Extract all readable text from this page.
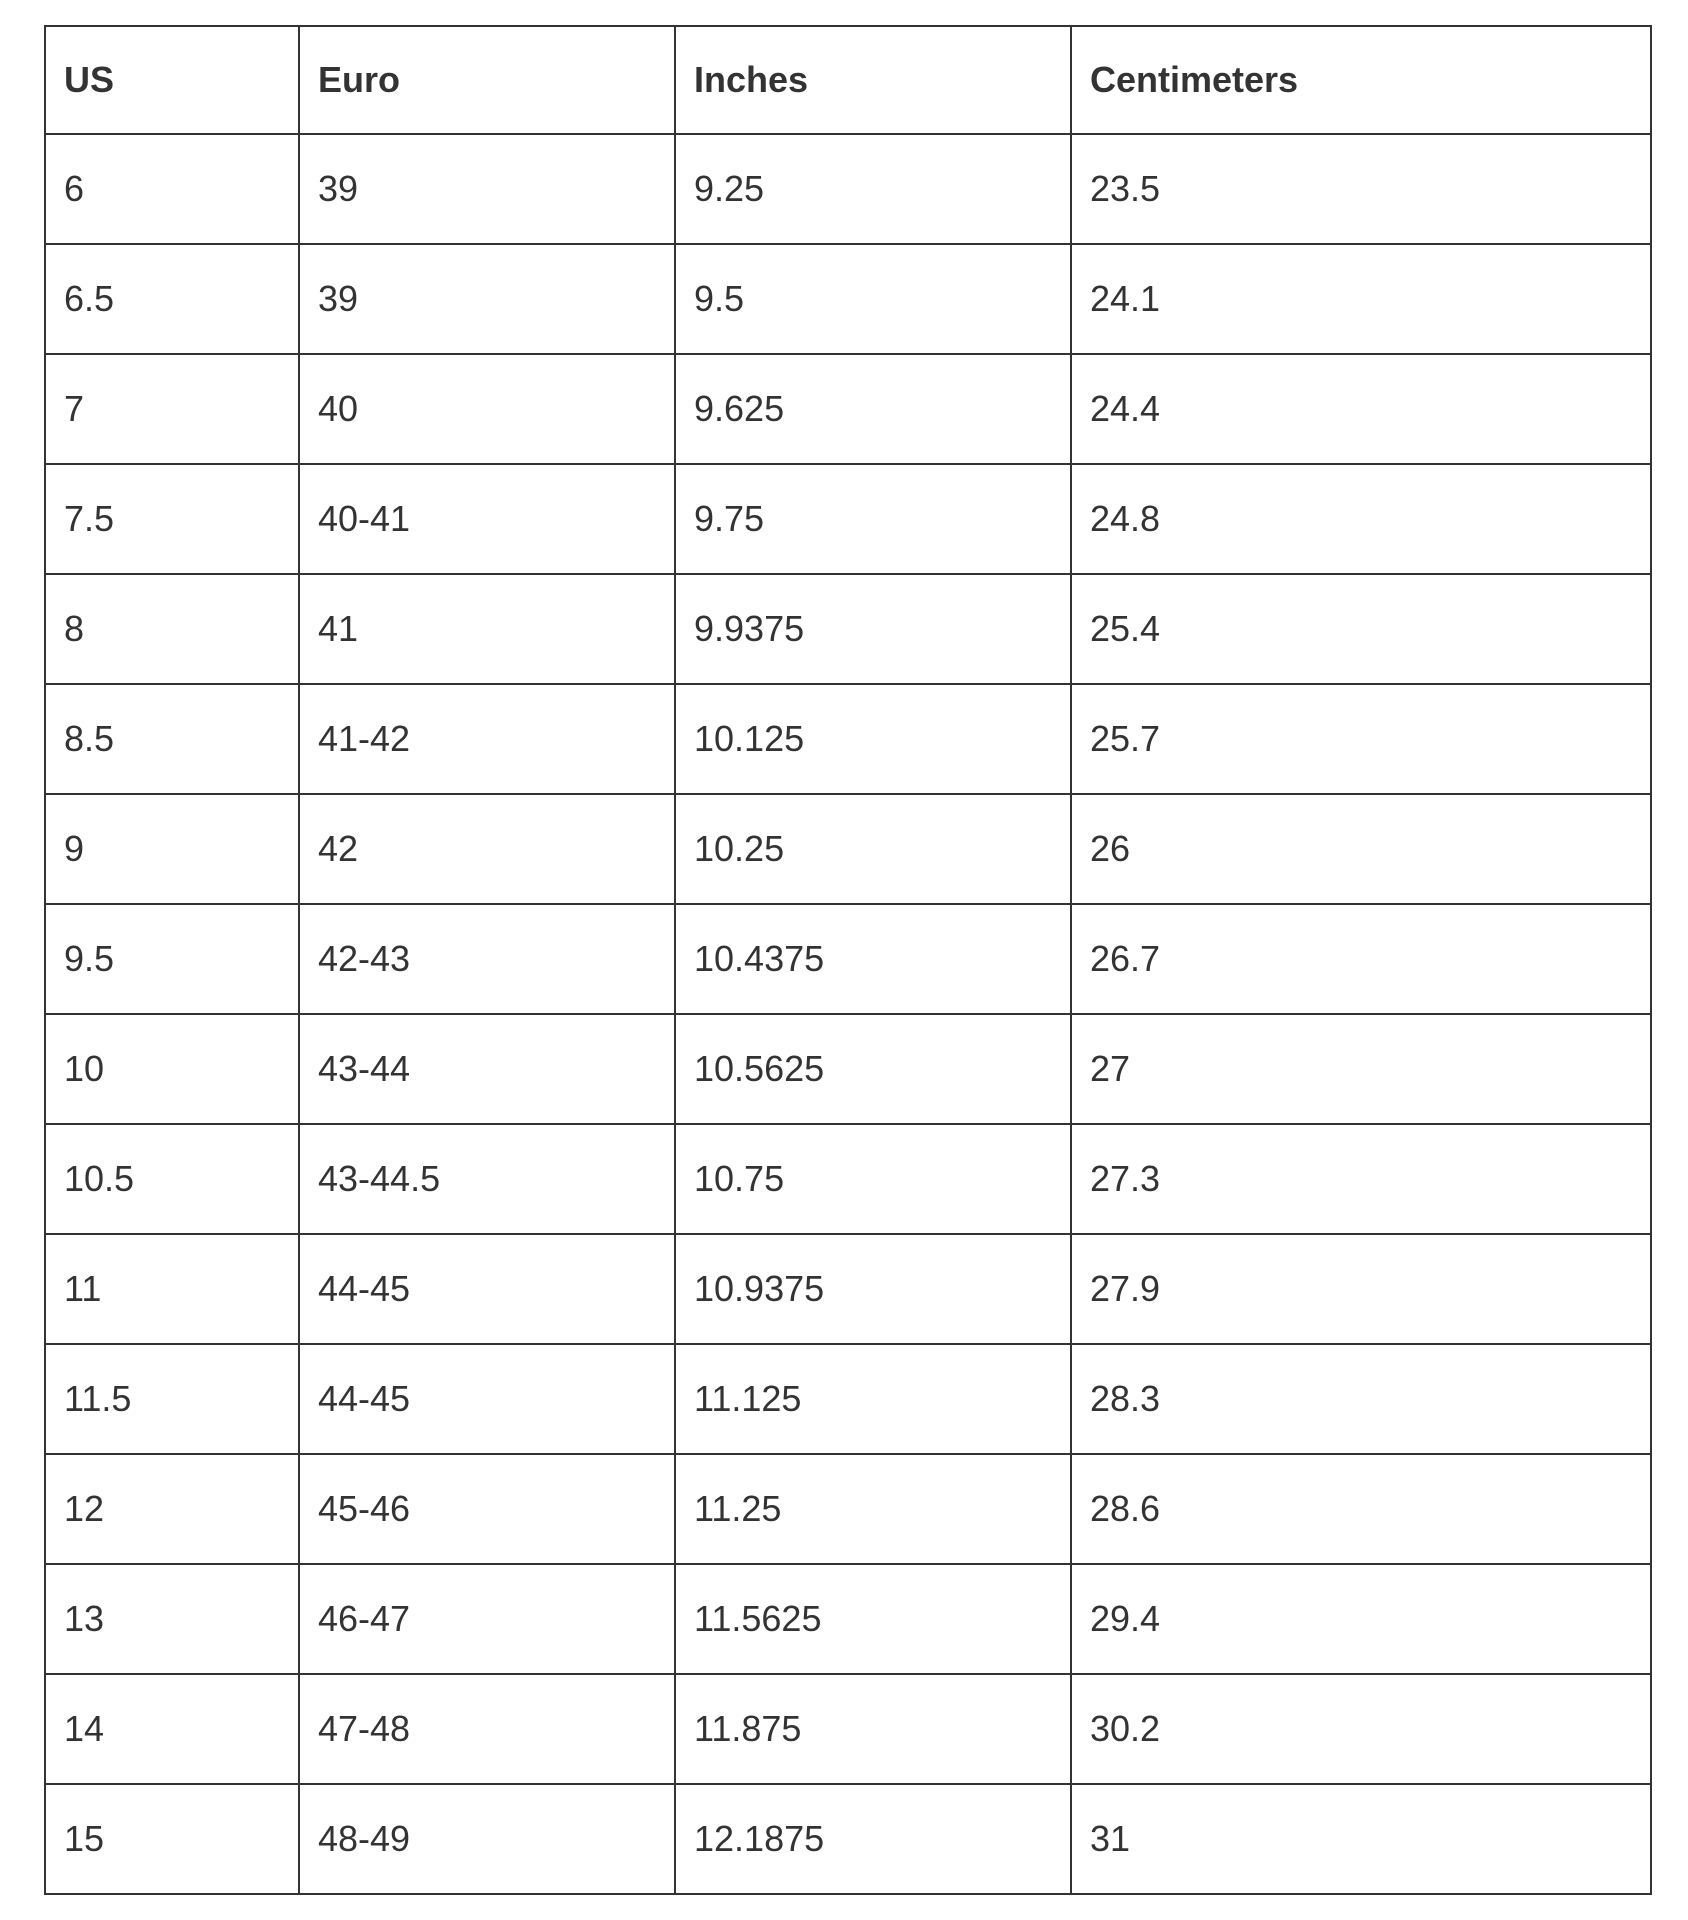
US	Euro	Inches	Centimeters
6	39	9.25	23.5
6.5	39	9.5	24.1
7	40	9.625	24.4
7.5	40-41	9.75	24.8
8	41	9.9375	25.4
8.5	41-42	10.125	25.7
9	42	10.25	26
9.5	42-43	10.4375	26.7
10	43-44	10.5625	27
10.5	43-44.5	10.75	27.3
11	44-45	10.9375	27.9
11.5	44-45	11.125	28.3
12	45-46	11.25	28.6
13	46-47	11.5625	29.4
14	47-48	11.875	30.2
15	48-49	12.1875	31
